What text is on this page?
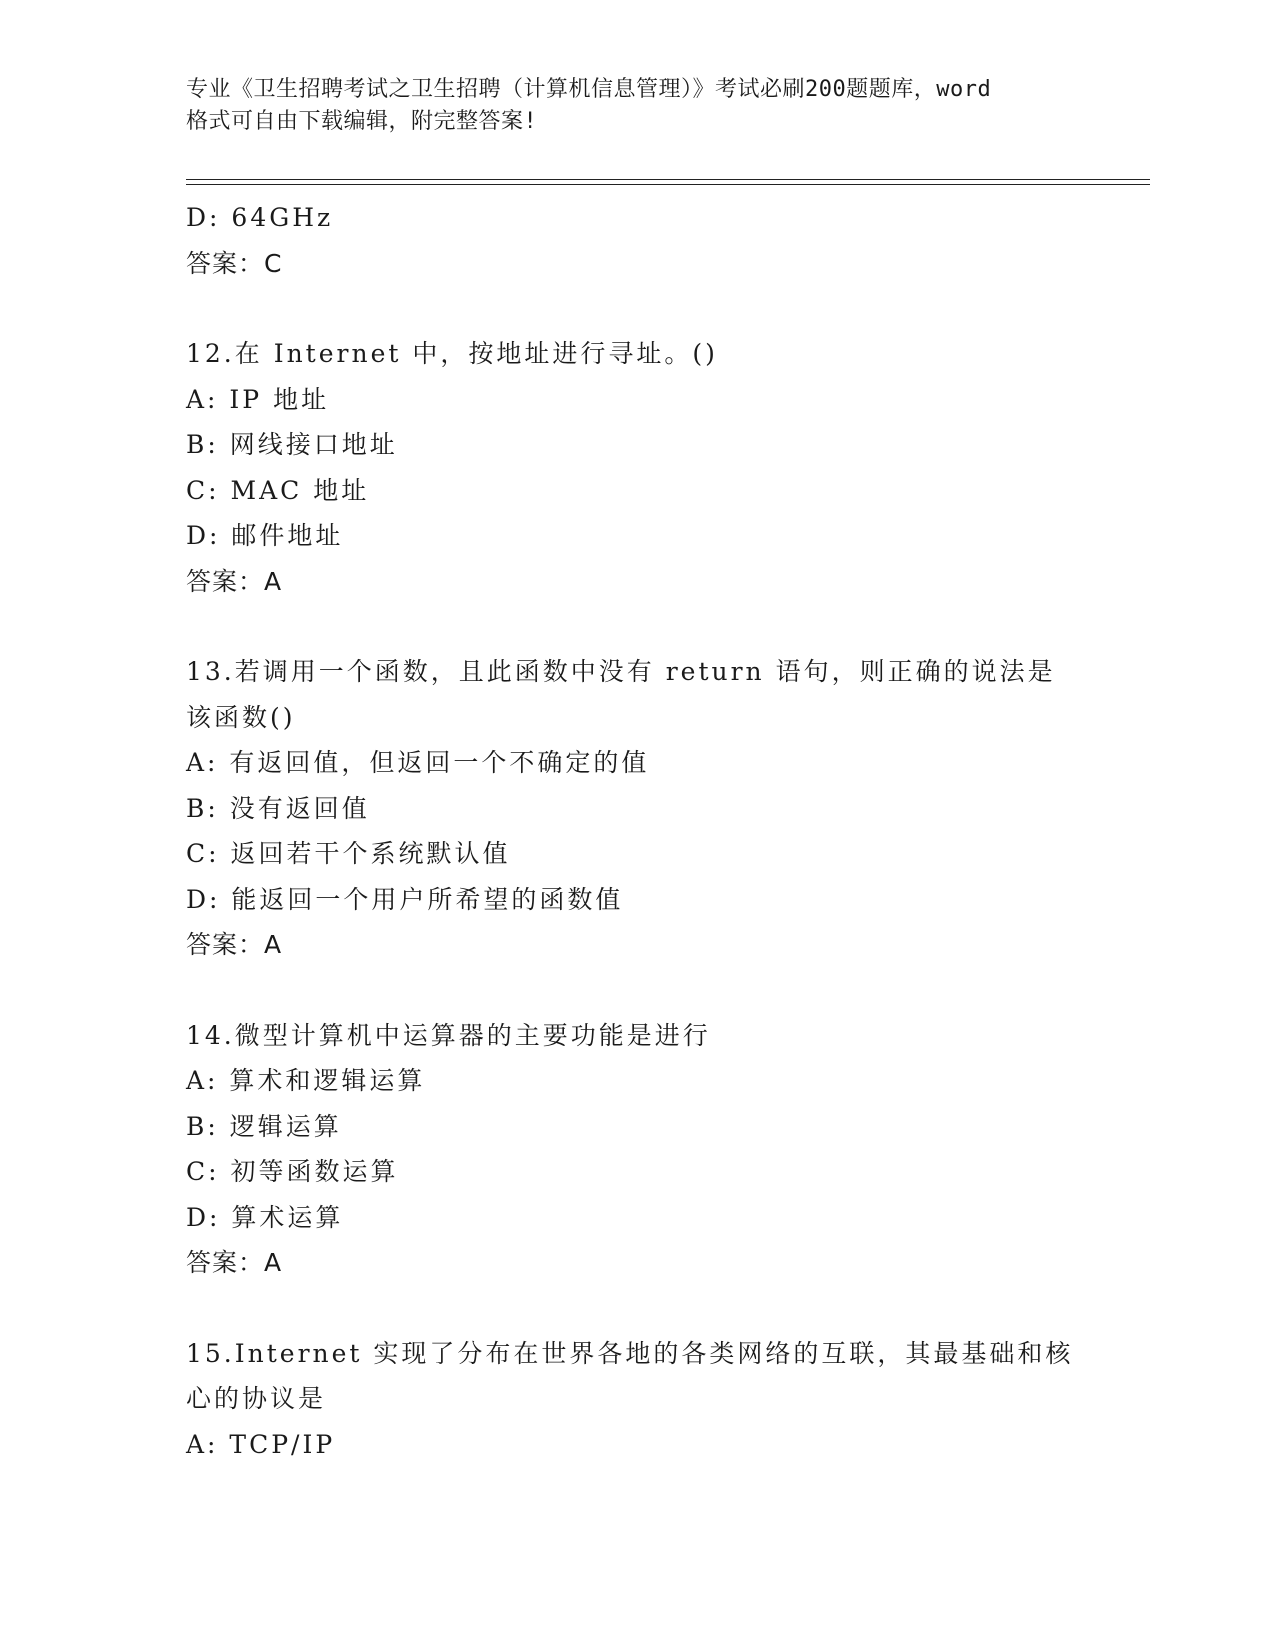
专业《卫生招聘考试之卫生招聘（计算机信息管理）》考试必刷200题题库，word
格式可自由下载编辑，附完整答案!
D: 64GHz
答案：C
12.在 Internet 中，按地址进行寻址。()
A: IP 地址
B: 网线接口地址
C: MAC 地址
D: 邮件地址
答案：A
13.若调用一个函数，且此函数中没有 return 语句，则正确的说法是
该函数()
A: 有返回值，但返回一个不确定的值
B: 没有返回值
C: 返回若干个系统默认值
D: 能返回一个用户所希望的函数值
答案：A
14.微型计算机中运算器的主要功能是进行
A: 算术和逻辑运算
B: 逻辑运算
C: 初等函数运算
D: 算术运算
答案：A
15.Internet 实现了分布在世界各地的各类网络的互联，其最基础和核
心的协议是
A: TCP/IP
